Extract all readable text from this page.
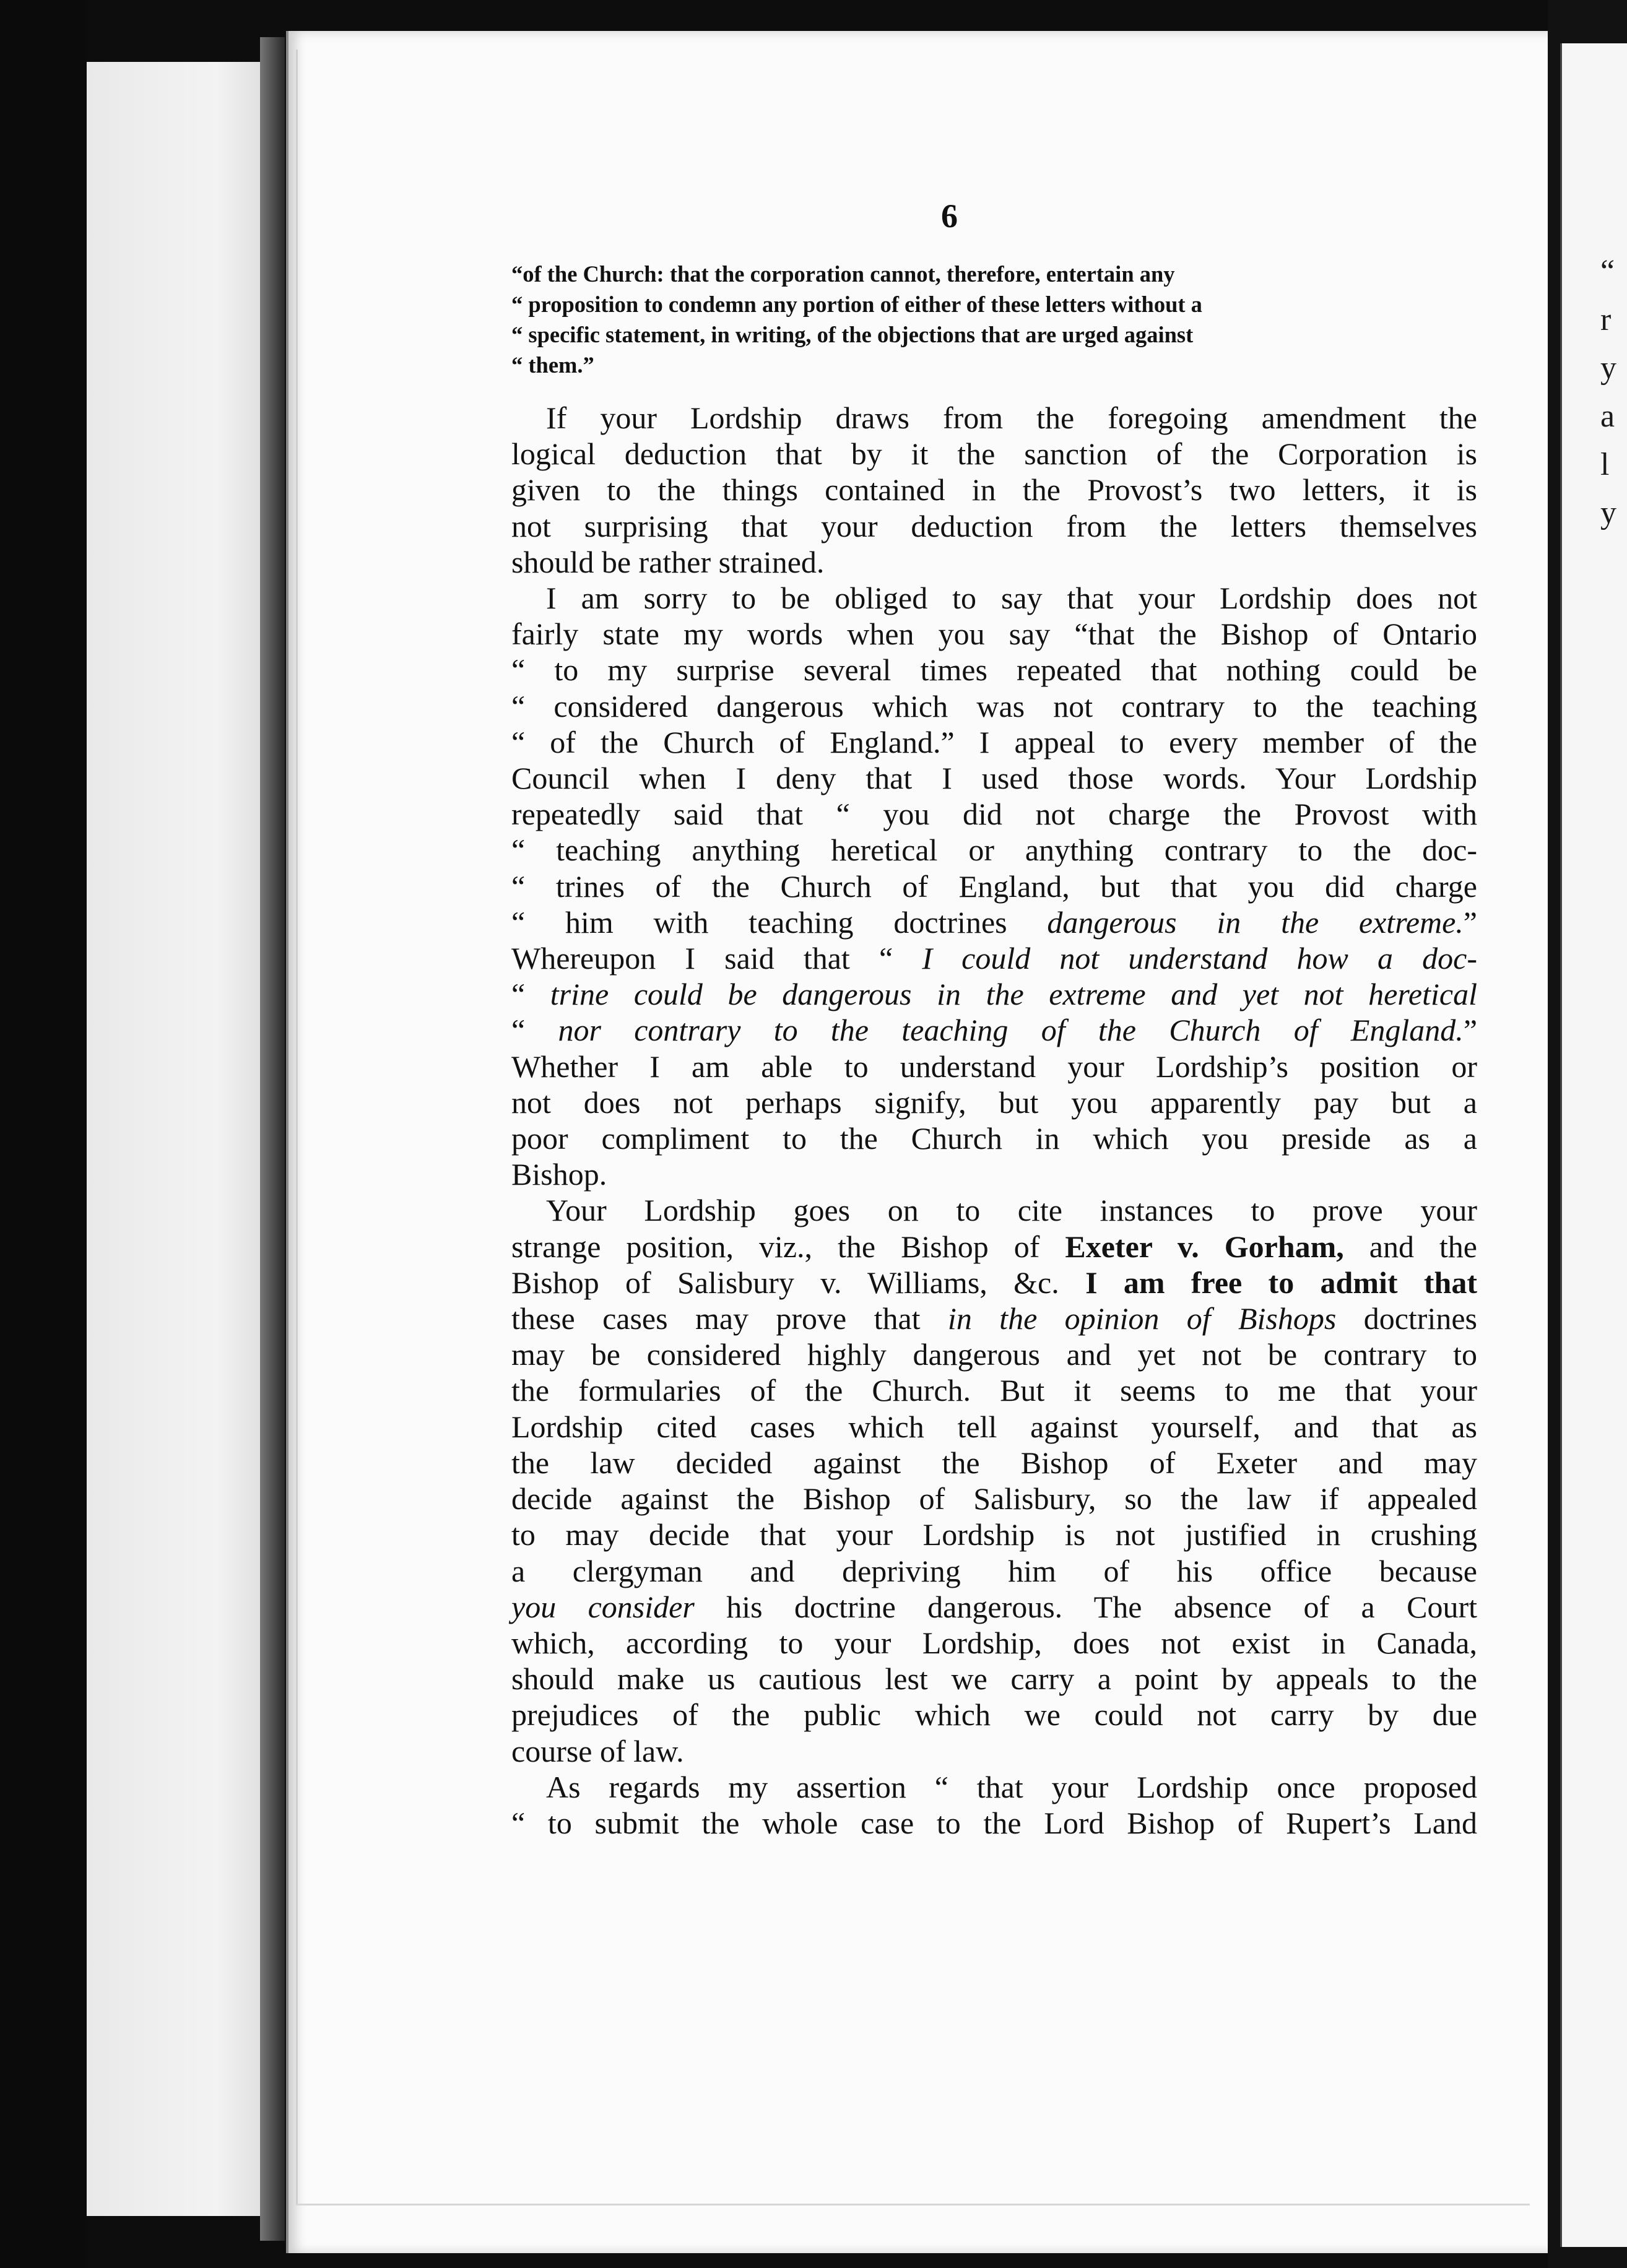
“
r
y
a
l
y
6
“of the Church: that the corporation cannot, therefore, entertain any
“ proposition to condemn any portion of either of these letters without a
“ specific statement, in writing, of the objections that are urged against
“ them.”
If your Lordship draws from the foregoing amendment the
logical deduction that by it the sanction of the Corporation is
given to the things contained in the Provost’s two letters, it is
not surprising that your deduction from the letters themselves
should be rather strained.
I am sorry to be obliged to say that your Lordship does not
fairly state my words when you say “that the Bishop of Ontario
“ to my surprise several times repeated that nothing could be
“ considered dangerous which was not contrary to the teaching
“ of the Church of England.” I appeal to every member of the
Council when I deny that I used those words. Your Lordship
repeatedly said that “ you did not charge the Provost with
“ teaching anything heretical or anything contrary to the doc-
“ trines of the Church of England, but that you did charge
“ him with teaching doctrines dangerous in the extreme.”
Whereupon I said that “ I could not understand how a doc-
“ trine could be dangerous in the extreme and yet not heretical
“ nor contrary to the teaching of the Church of England.”
Whether I am able to understand your Lordship’s position or
not does not perhaps signify, but you apparently pay but a
poor compliment to the Church in which you preside as a
Bishop.
Your Lordship goes on to cite instances to prove your
strange position, viz., the Bishop of Exeter v. Gorham, and the
Bishop of Salisbury v. Williams, &c. I am free to admit that
these cases may prove that in the opinion of Bishops doctrines
may be considered highly dangerous and yet not be contrary to
the formularies of the Church. But it seems to me that your
Lordship cited cases which tell against yourself, and that as
the law decided against the Bishop of Exeter and may
decide against the Bishop of Salisbury, so the law if appealed
to may decide that your Lordship is not justified in crushing
a clergyman and depriving him of his office because
you consider his doctrine dangerous. The absence of a Court
which, according to your Lordship, does not exist in Canada,
should make us cautious lest we carry a point by appeals to the
prejudices of the public which we could not carry by due
course of law.
As regards my assertion “ that your Lordship once proposed
“ to submit the whole case to the Lord Bishop of Rupert’s Land
